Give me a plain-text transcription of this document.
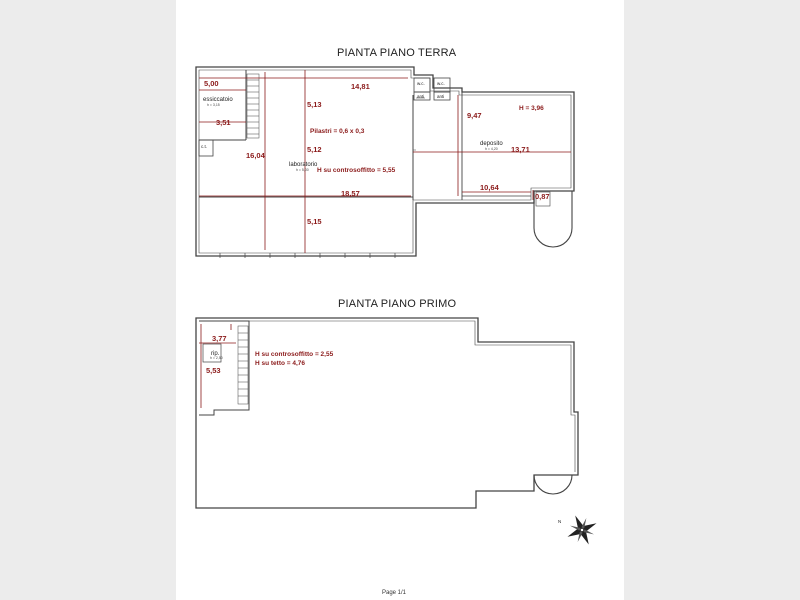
PIANTA PIANO TERRA
PIANTA PIANO PRIMO
Page 1/1
5,00	14,81
3,51
5,13
16,04
5,12
18,57
5,15
9,47
13,71
10,64
0,87
Pilastri = 0,6 x 0,3
H su controsoffitto = 5,55
H = 3,96
essiccatoio
h = 3,15
c.t.
laboratorio
h = 5,00
w.c.	w.c.
anti	anti
deposito
h = 4,20
3,77
5,53
rip.
h = 2,50	H su controsoffitto = 2,55
H su tetto = 4,76
N
